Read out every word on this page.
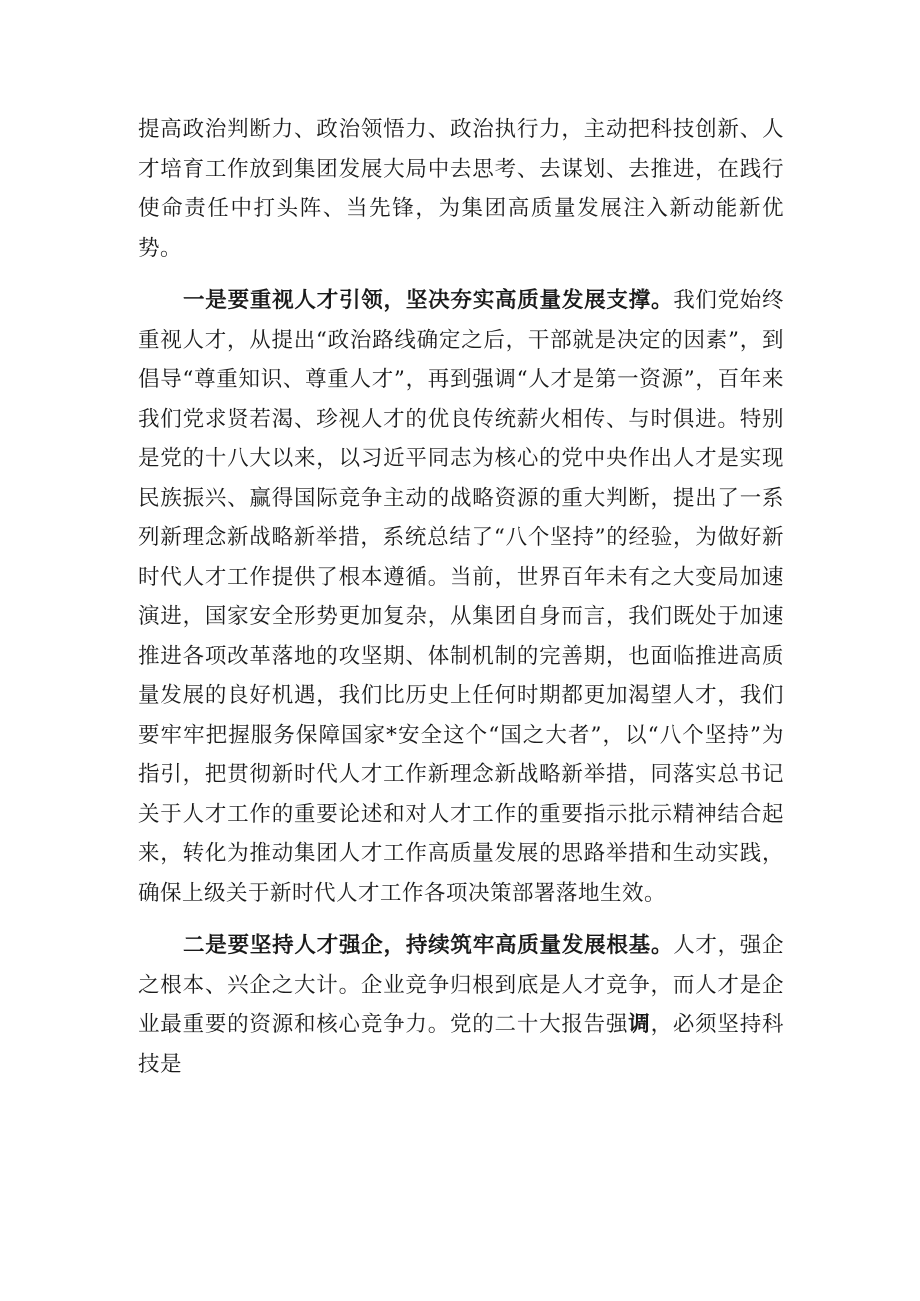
提高政治判断力、政治领悟力、政治执行力，主动把科技创新、人才培育工作放到集团发展大局中去思考、去谋划、去推进，在践行使命责任中打头阵、当先锋，为集团高质量发展注入新动能新优势。

一是要重视人才引领，坚决夯实高质量发展支撑。我们党始终重视人才，从提出“政治路线确定之后，干部就是决定的因素”，到倡导“尊重知识、尊重人才”，再到强调“人才是第一资源”，百年来我们党求贤若渴、珍视人才的优良传统薪火相传、与时俱进。特别是党的十八大以来，以习近平同志为核心的党中央作出人才是实现民族振兴、赢得国际竞争主动的战略资源的重大判断，提出了一系列新理念新战略新举措，系统总结了“八个坚持”的经验，为做好新时代人才工作提供了根本遵循。当前，世界百年未有之大变局加速演进，国家安全形势更加复杂，从集团自身而言，我们既处于加速推进各项改革落地的攻坚期、体制机制的完善期，也面临推进高质量发展的良好机遇，我们比历史上任何时期都更加渴望人才，我们要牢牢把握服务保障国家*安全这个“国之大者”，以“八个坚持”为指引，把贯彻新时代人才工作新理念新战略新举措，同落实总书记关于人才工作的重要论述和对人才工作的重要指示批示精神结合起来，转化为推动集团人才工作高质量发展的思路举措和生动实践，确保上级关于新时代人才工作各项决策部署落地生效。

二是要坚持人才强企，持续筑牢高质量发展根基。人才，强企之根本、兴企之大计。企业竞争归根到底是人才竞争，而人才是企业最重要的资源和核心竞争力。党的二十大报告强调，必须坚持科技是
